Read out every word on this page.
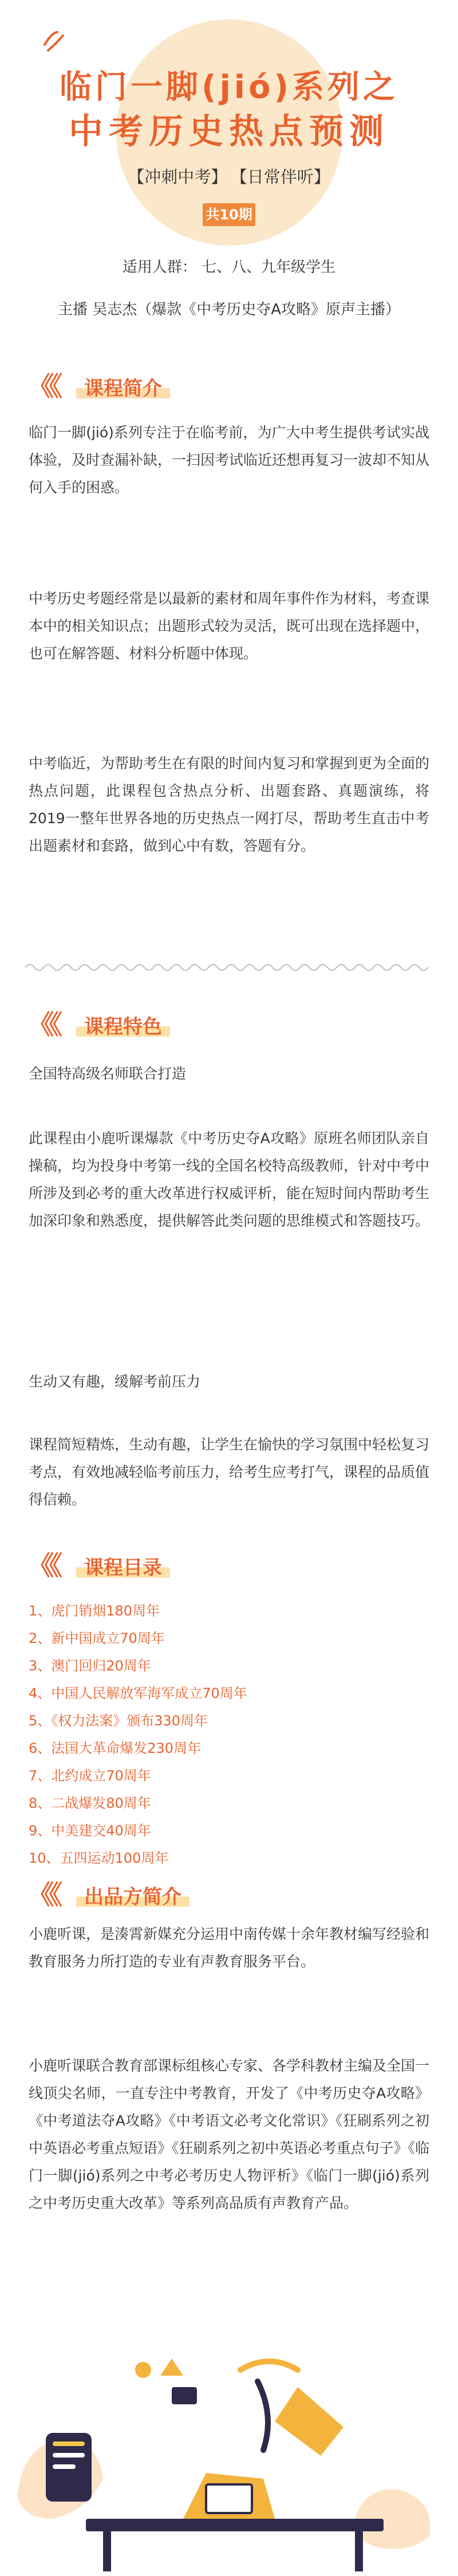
临门一脚(jió)系列之
中考历史热点预测
【冲刺中考】 【日常伴听】
共10期
适用人群： 七、八、九年级学生
主播 吴志杰（爆款《中考历史夺A攻略》原声主播）
《《 课程简介
临门一脚(jió)系列专注于在临考前，为广大中考生提供考试实战体验，及时查漏补缺，一扫因考试临近还想再复习一波却不知从何入手的困惑。
中考历史考题经常是以最新的素材和周年事件作为材料，考查课本中的相关知识点；出题形式较为灵活，既可出现在选择题中，也可在解答题、材料分析题中体现。
中考临近，为帮助考生在有限的时间内复习和掌握到更为全面的热点问题，此课程包含热点分析、出题套路、真题演练，将2019一整年世界各地的历史热点一网打尽，帮助考生直击中考出题素材和套路，做到心中有数，答题有分。
《《 课程特色
全国特高级名师联合打造
此课程由小鹿听课爆款《中考历史夺A攻略》原班名师团队亲自操稿，均为投身中考第一线的全国名校特高级教师，针对中考中所涉及到必考的重大改革进行权威评析，能在短时间内帮助考生加深印象和熟悉度，提供解答此类问题的思维模式和答题技巧。
生动又有趣，缓解考前压力
课程简短精炼，生动有趣，让学生在愉快的学习氛围中轻松复习考点，有效地减轻临考前压力，给考生应考打气，课程的品质值得信赖。
《《 课程目录
1、虎门销烟180周年
2、新中国成立70周年
3、澳门回归20周年
4、中国人民解放军海军成立70周年
5、《权力法案》颁布330周年
6、法国大革命爆发230周年
7、北约成立70周年
8、二战爆发80周年
9、中美建交40周年
10、五四运动100周年
《《 出品方简介
小鹿听课，是湊霄新媒充分运用中南传媒十余年教材编写经验和教育服务力所打造的专业有声教育服务平台。
小鹿听课联合教育部课标组核心专家、各学科教材主编及全国一线顶尖名师，一直专注中考教育，开发了《中考历史夺A攻略》《中考道法夺A攻略》《中考语文必考文化常识》《狂刷系列之初中英语必考重点短语》《狂刷系列之初中英语必考重点句子》《临门一脚(jió)系列之中考必考历史人物评析》《临门一脚(jió)系列之中考历史重大改革》等系列高品质有声教育产品。
